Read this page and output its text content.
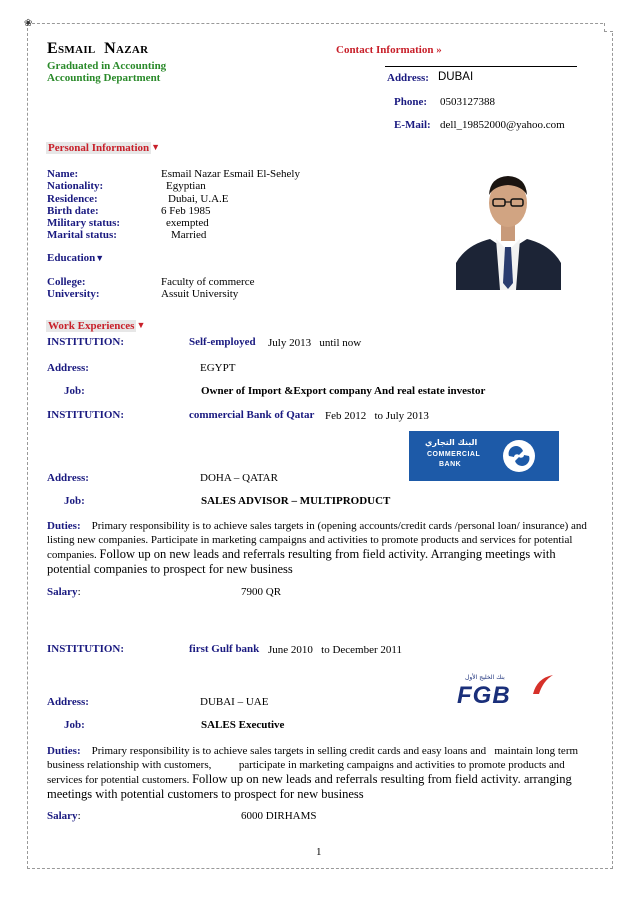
❀
ESMAIL NAZAR	Contact Information »
Graduated in Accounting
Accounting Department	Address: DUBAI
Phone: 0503127388
E-Mail: dell_19852000@yahoo.com
Personal Information ▼
Name:	Esmail Nazar Esmail El-Sehely
Nationality:	Egyptian
Residence:	Dubai, U.A.E
Birth date:	6 Feb 1985
Military status:	exempted
Marital status:	Married
Education▼
College:	Faculty of commerce
University:	Assuit University
Work Experiences ▼
INSTITUTION:	Self-employed July 2013   until now
Address:	EGYPT
Job:	Owner of Import &Export company And real estate investor
INSTITUTION:	commercial Bank of Qatar Feb 2012   to July 2013
البنك التجاري
COMMERCIAL
BANK
Address:	DOHA – QATAR
Job:	SALES ADVISOR – MULTIPRODUCT
Duties: Primary responsibility is to achieve sales targets in (opening accounts/credit cards /personal loan/ insurance) and listing new companies. Participate in marketing campaigns and activities to promote products and services for potential companies. Follow up on new leads and referrals resulting from field activity. Arranging meetings with potential companies to prospect for new business
Salary:	7900 QR
INSTITUTION:	first Gulf bank June 2010   to December 2011
بنك الخليج الأول
FGB
Address:	DUBAI – UAE
Job:	SALES Executive
Duties: Primary responsibility is to achieve sales targets in selling credit cards and easy loans and   maintain long term business relationship with customers,          participate in marketing campaigns and activities to promote products and services for potential customers. Follow up on new leads and referrals resulting from field activity. arranging meetings with potential customers to prospect for new business
Salary:	6000 DIRHAMS
1
